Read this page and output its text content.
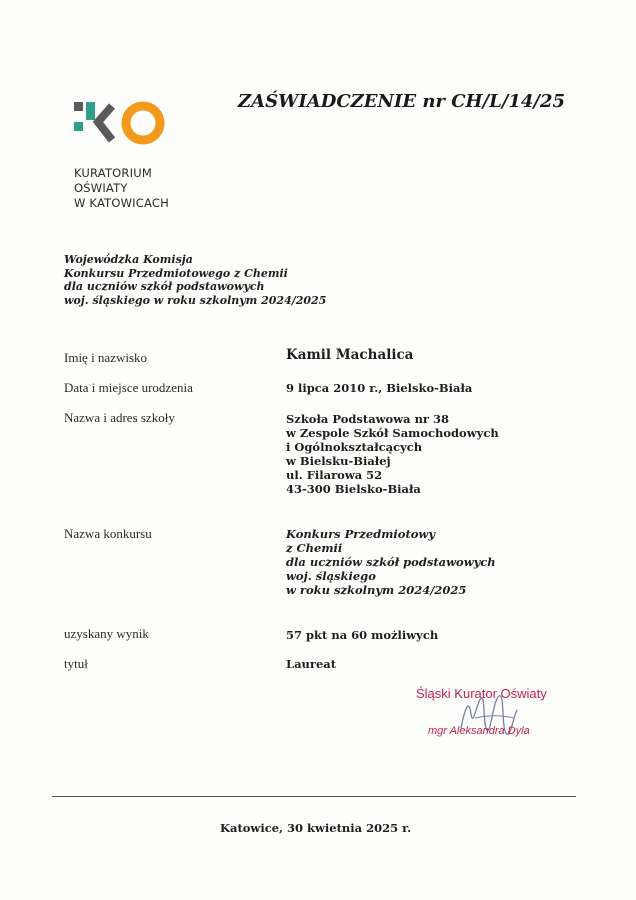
KURATORIUM
OŚWIATY
W KATOWICACH
ZAŚWIADCZENIE nr CH/L/14/25
Wojewódzka Komisja
Konkursu Przedmiotowego z Chemii
dla uczniów szkół podstawowych
woj. śląskiego w roku szkolnym 2024/2025
Imię i nazwisko	Kamil Machalica
Data i miejsce urodzenia	9 lipca 2010 r., Bielsko-Biała
Nazwa i adres szkoły	Szkoła Podstawowa nr 38
w Zespole Szkół Samochodowych
i Ogólnokształcących
w Bielsku-Białej
ul. Filarowa 52
43-300 Bielsko-Biała
Nazwa konkursu	Konkurs Przedmiotowy
z Chemii
dla uczniów szkół podstawowych
woj. śląskiego
w roku szkolnym 2024/2025
uzyskany wynik	57 pkt na 60 możliwych
tytuł	Laureat
Śląski Kurator Oświaty
mgr Aleksandra Dyla
Katowice, 30 kwietnia 2025 r.
